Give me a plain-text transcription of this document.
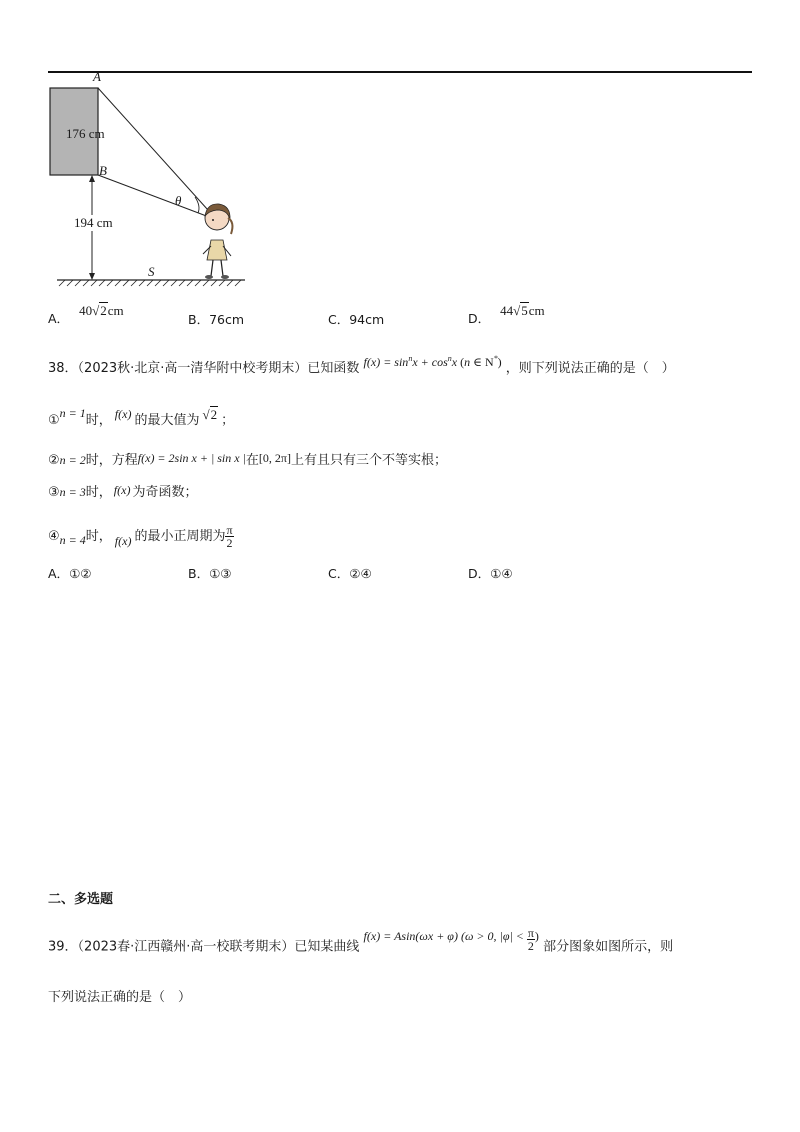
A
B
S
θ
176 cm
194 cm
A．40√2cm
B．76cm	C．94cm	D．44√5cm
38．（2023秋·北京·高一清华附中校考期末）已知函数 $f(x) = \sin^nx + \cos^nx$ (n ∈ N*) ，则下列说法正确的是（　）
①n = 1时， f(x) 的最大值为 √2 ；
②n = 2时，方程f(x) = 2sin x + | sin x |在[0, 2π]上有且只有三个不等实根；
③n = 3时， f(x) 为奇函数；
④n = 4时， f(x) 的最小正周期为 $\frac{\pi}{2}$
A．①②	B．①③	C．②④	D．①④
二、多选题
39．（2023春·江西赣州·高一校联考期末）已知某曲线 f(x) = Asin(ωx + φ) (ω > 0, $|\varphi| < \frac{\pi}{2}$ ) 部分图象如图所示，则
下列说法正确的是（　）
